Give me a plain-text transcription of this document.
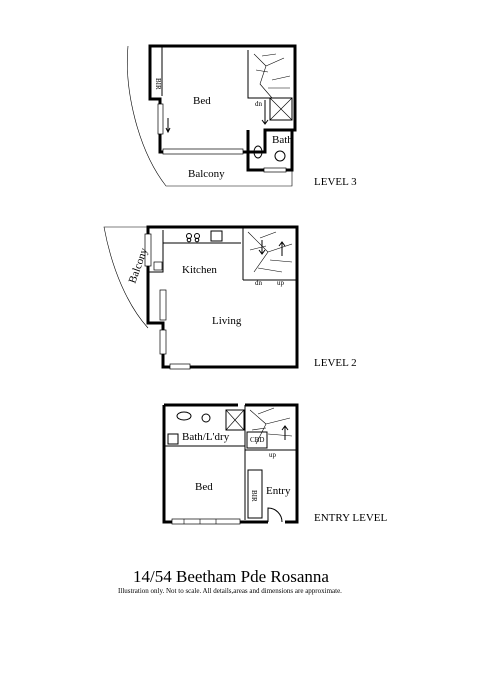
Bed
Bath
Balcony
BIR
dn
LEVEL 3
Kitchen
Living
Balcony	dn up
LEVEL 2
Bath/L'dry	CBD
Bed
BIR Entry
up
ENTRY LEVEL
14/54 Beetham Pde Rosanna
Illustration only. Not to scale. All details,areas and dimensions are approximate.
